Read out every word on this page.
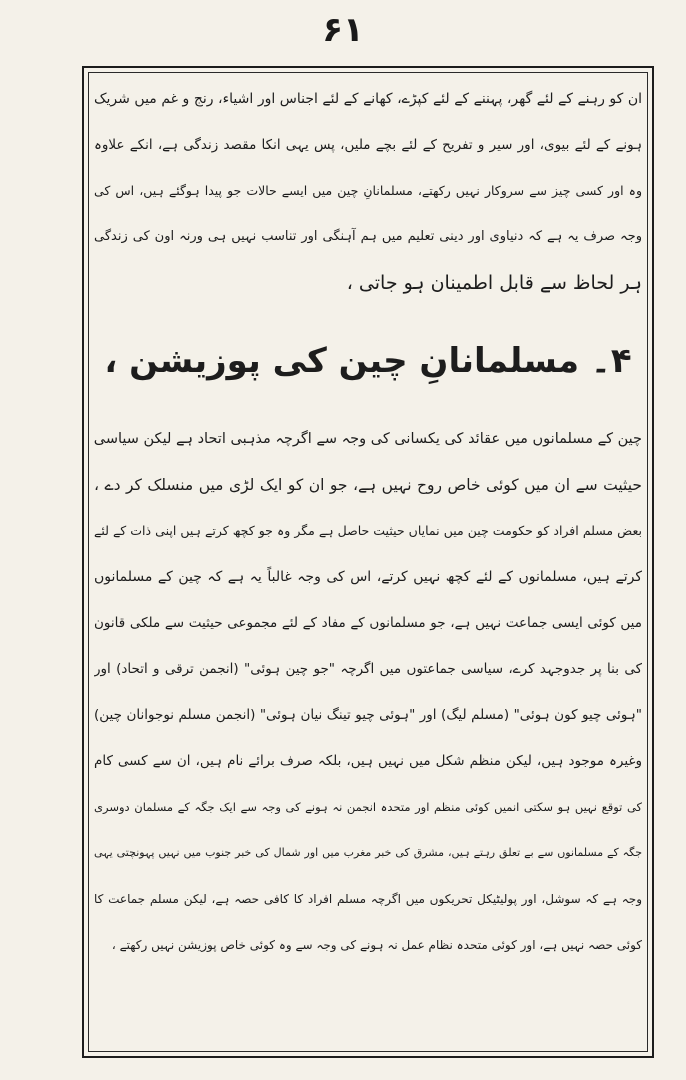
۶۱
ان کو رہنے کے لئے گھر، پہننے کے لئے کپڑے، کھانے کے لئے اجناس اور اشیاء، رنج و غم میں شریک
ہونے کے لئے بیوی، اور سیر و تفریح کے لئے بچے ملیں، پس یہی انکا مقصد زندگی ہے، انکے علاوہ
وہ اور کسی چیز سے سروکار نہیں رکھتے، مسلمانانِ چین میں ایسے حالات جو پیدا ہوگئے ہیں، اس کی
وجہ صرف یہ ہے کہ دنیاوی اور دینی تعلیم میں ہم آہنگی اور تناسب نہیں ہی ورنہ اون کی زندگی
ہر لحاظ سے قابل اطمینان ہو جاتی ،
۴۔ مسلمانانِ چین کی پوزیشن ،
چین کے مسلمانوں میں عقائد کی یکسانی کی وجہ سے اگرچہ مذہبی اتحاد ہے لیکن سیاسی
حیثیت سے ان میں کوئی خاص روح نہیں ہے، جو ان کو ایک لڑی میں منسلک کر دے ،
بعض مسلم افراد کو حکومت چین میں نمایاں حیثیت حاصل ہے مگر وہ جو کچھ کرتے ہیں اپنی ذات کے لئے
کرتے ہیں، مسلمانوں کے لئے کچھ نہیں کرتے، اس کی وجہ غالباً یہ ہے کہ چین کے مسلمانوں
میں کوئی ایسی جماعت نہیں ہے، جو مسلمانوں کے مفاد کے لئے مجموعی حیثیت سے ملکی قانون
کی بنا پر جدوجہد کرے، سیاسی جماعتوں میں اگرچہ "جو چین ہوئی" (انجمن ترقی و اتحاد) اور
"ہوئی چیو کون ہوئی" (مسلم لیگ) اور "ہوئی چیو تینگ نیان ہوئی" (انجمن مسلم نوجوانان چین)
وغیرہ موجود ہیں، لیکن منظم شکل میں نہیں ہیں، بلکہ صرف برائے نام ہیں، ان سے کسی کام
کی توقع نہیں ہو سکتی انمیں کوئی منظم اور متحدہ انجمن نہ ہونے کی وجہ سے ایک جگہ کے مسلمان دوسری
جگہ کے مسلمانوں سے بے تعلق رہتے ہیں، مشرق کی خبر مغرب میں اور شمال کی خبر جنوب میں نہیں پہونچتی یہی
وجہ ہے کہ سوشل، اور پولیٹیکل تحریکوں میں اگرچہ مسلم افراد کا کافی حصہ ہے، لیکن مسلم جماعت کا
کوئی حصہ نہیں ہے، اور کوئی متحدہ نظام عمل نہ ہونے کی وجہ سے وہ کوئی خاص پوزیشن نہیں رکھتے ،
